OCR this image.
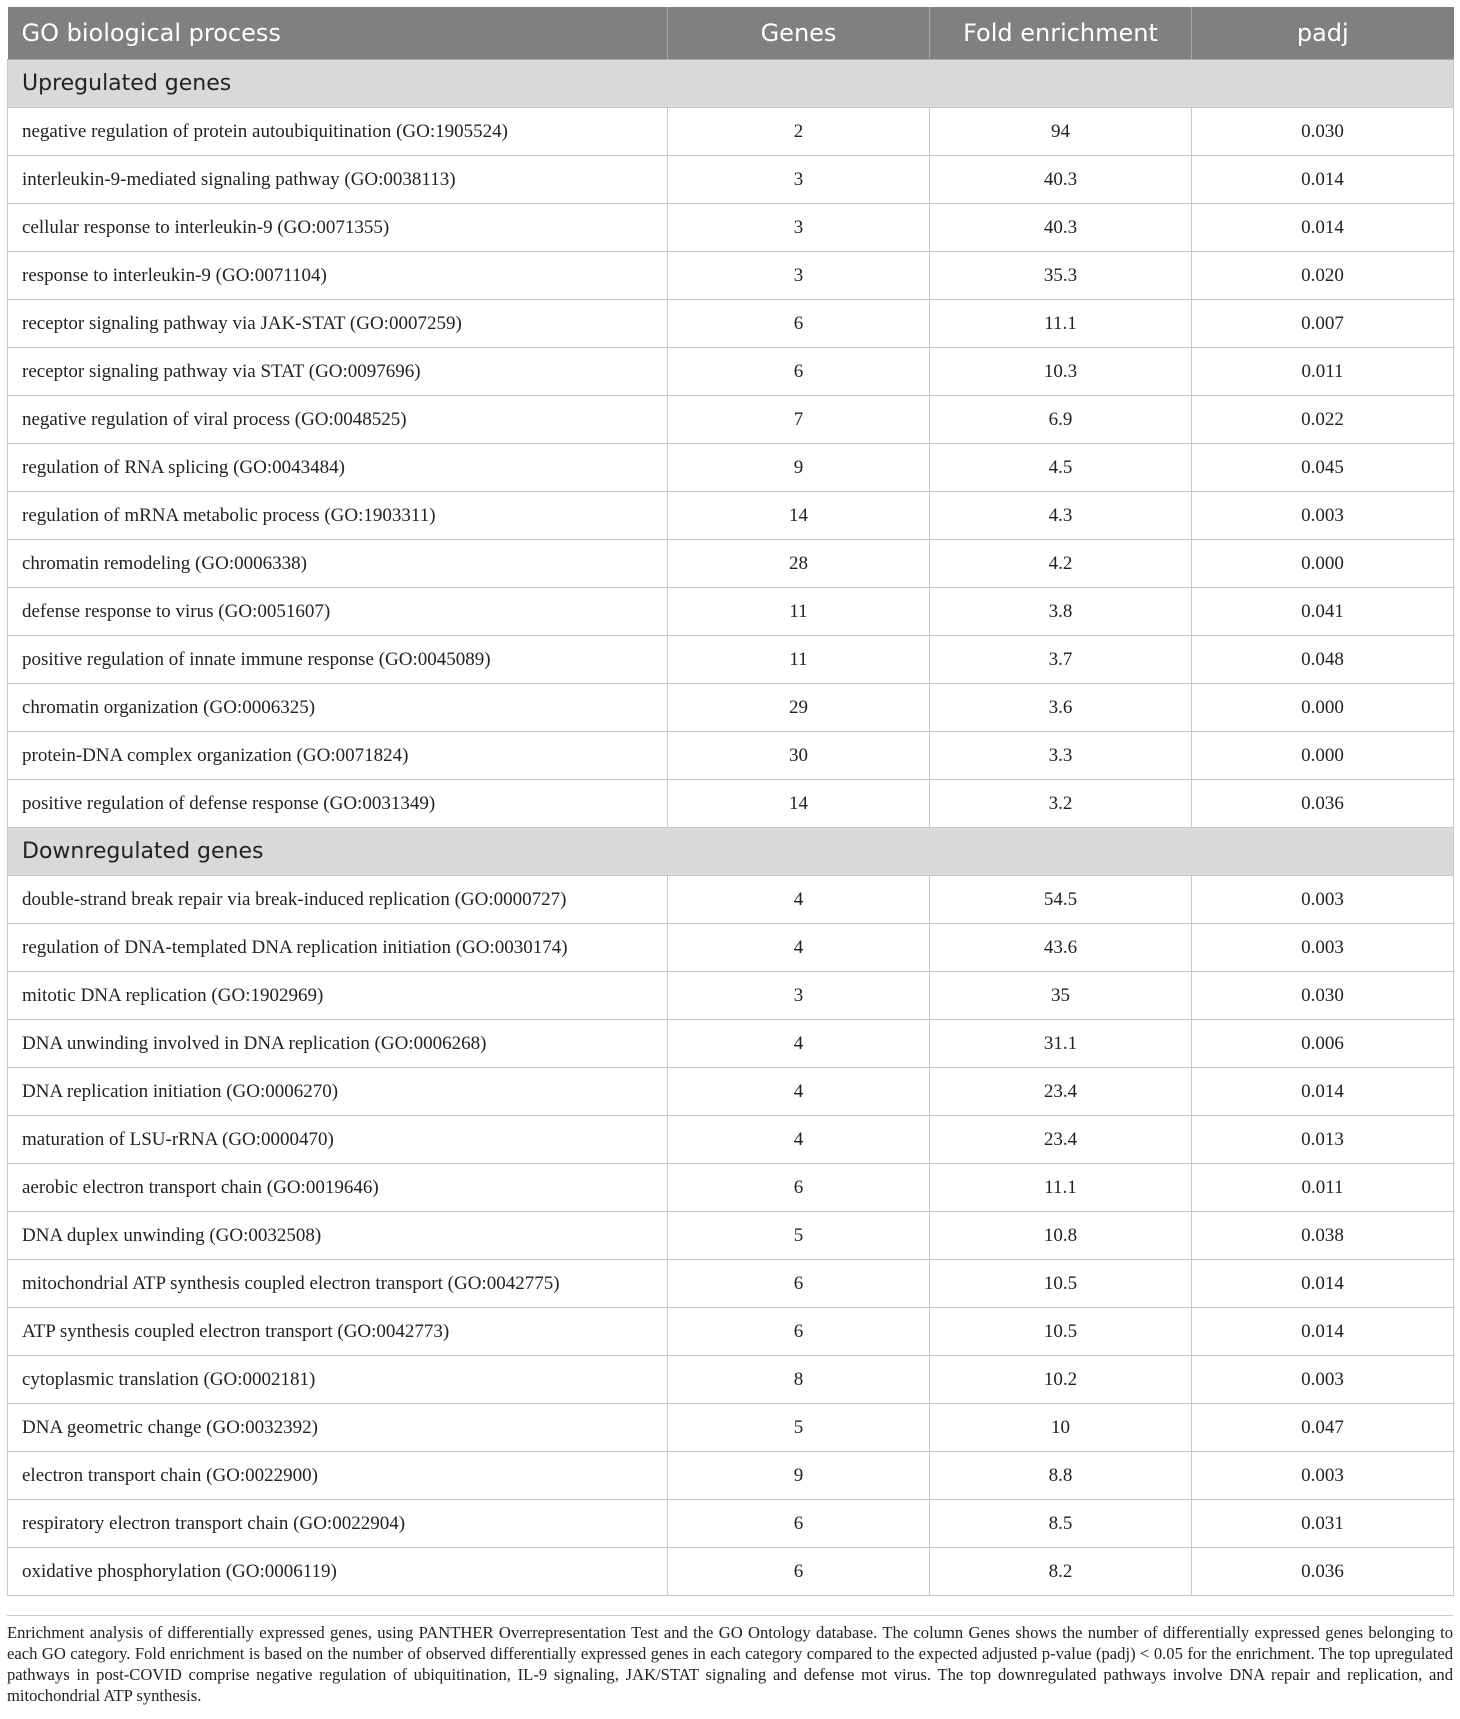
GO biological process	Genes	Fold enrichment	padj
Upregulated genes			
negative regulation of protein autoubiquitination (GO:1905524)	2	94	0.030
interleukin-9-mediated signaling pathway (GO:0038113)	3	40.3	0.014
cellular response to interleukin-9 (GO:0071355)	3	40.3	0.014
response to interleukin-9 (GO:0071104)	3	35.3	0.020
receptor signaling pathway via JAK-STAT (GO:0007259)	6	11.1	0.007
receptor signaling pathway via STAT (GO:0097696)	6	10.3	0.011
negative regulation of viral process (GO:0048525)	7	6.9	0.022
regulation of RNA splicing (GO:0043484)	9	4.5	0.045
regulation of mRNA metabolic process (GO:1903311)	14	4.3	0.003
chromatin remodeling (GO:0006338)	28	4.2	0.000
defense response to virus (GO:0051607)	11	3.8	0.041
positive regulation of innate immune response (GO:0045089)	11	3.7	0.048
chromatin organization (GO:0006325)	29	3.6	0.000
protein-DNA complex organization (GO:0071824)	30	3.3	0.000
positive regulation of defense response (GO:0031349)	14	3.2	0.036
Downregulated genes			
double-strand break repair via break-induced replication (GO:0000727)	4	54.5	0.003
regulation of DNA-templated DNA replication initiation (GO:0030174)	4	43.6	0.003
mitotic DNA replication (GO:1902969)	3	35	0.030
DNA unwinding involved in DNA replication (GO:0006268)	4	31.1	0.006
DNA replication initiation (GO:0006270)	4	23.4	0.014
maturation of LSU-rRNA (GO:0000470)	4	23.4	0.013
aerobic electron transport chain (GO:0019646)	6	11.1	0.011
DNA duplex unwinding (GO:0032508)	5	10.8	0.038
mitochondrial ATP synthesis coupled electron transport (GO:0042775)	6	10.5	0.014
ATP synthesis coupled electron transport (GO:0042773)	6	10.5	0.014
cytoplasmic translation (GO:0002181)	8	10.2	0.003
DNA geometric change (GO:0032392)	5	10	0.047
electron transport chain (GO:0022900)	9	8.8	0.003
respiratory electron transport chain (GO:0022904)	6	8.5	0.031
oxidative phosphorylation (GO:0006119)	6	8.2	0.036
Enrichment analysis of differentially expressed genes, using PANTHER Overrepresentation Test and the GO Ontology database. The column Genes shows the number of differentially expressed genes belonging to each GO category. Fold enrichment is based on the number of observed differentially expressed genes in each category compared to the expected adjusted p-value (padj) < 0.05 for the enrichment. The top upregulated pathways in post-COVID comprise negative regulation of ubiquitination, IL-9 signaling, JAK/STAT signaling and defense mot virus. The top downregulated pathways involve DNA repair and replication, and mitochondrial ATP synthesis.
